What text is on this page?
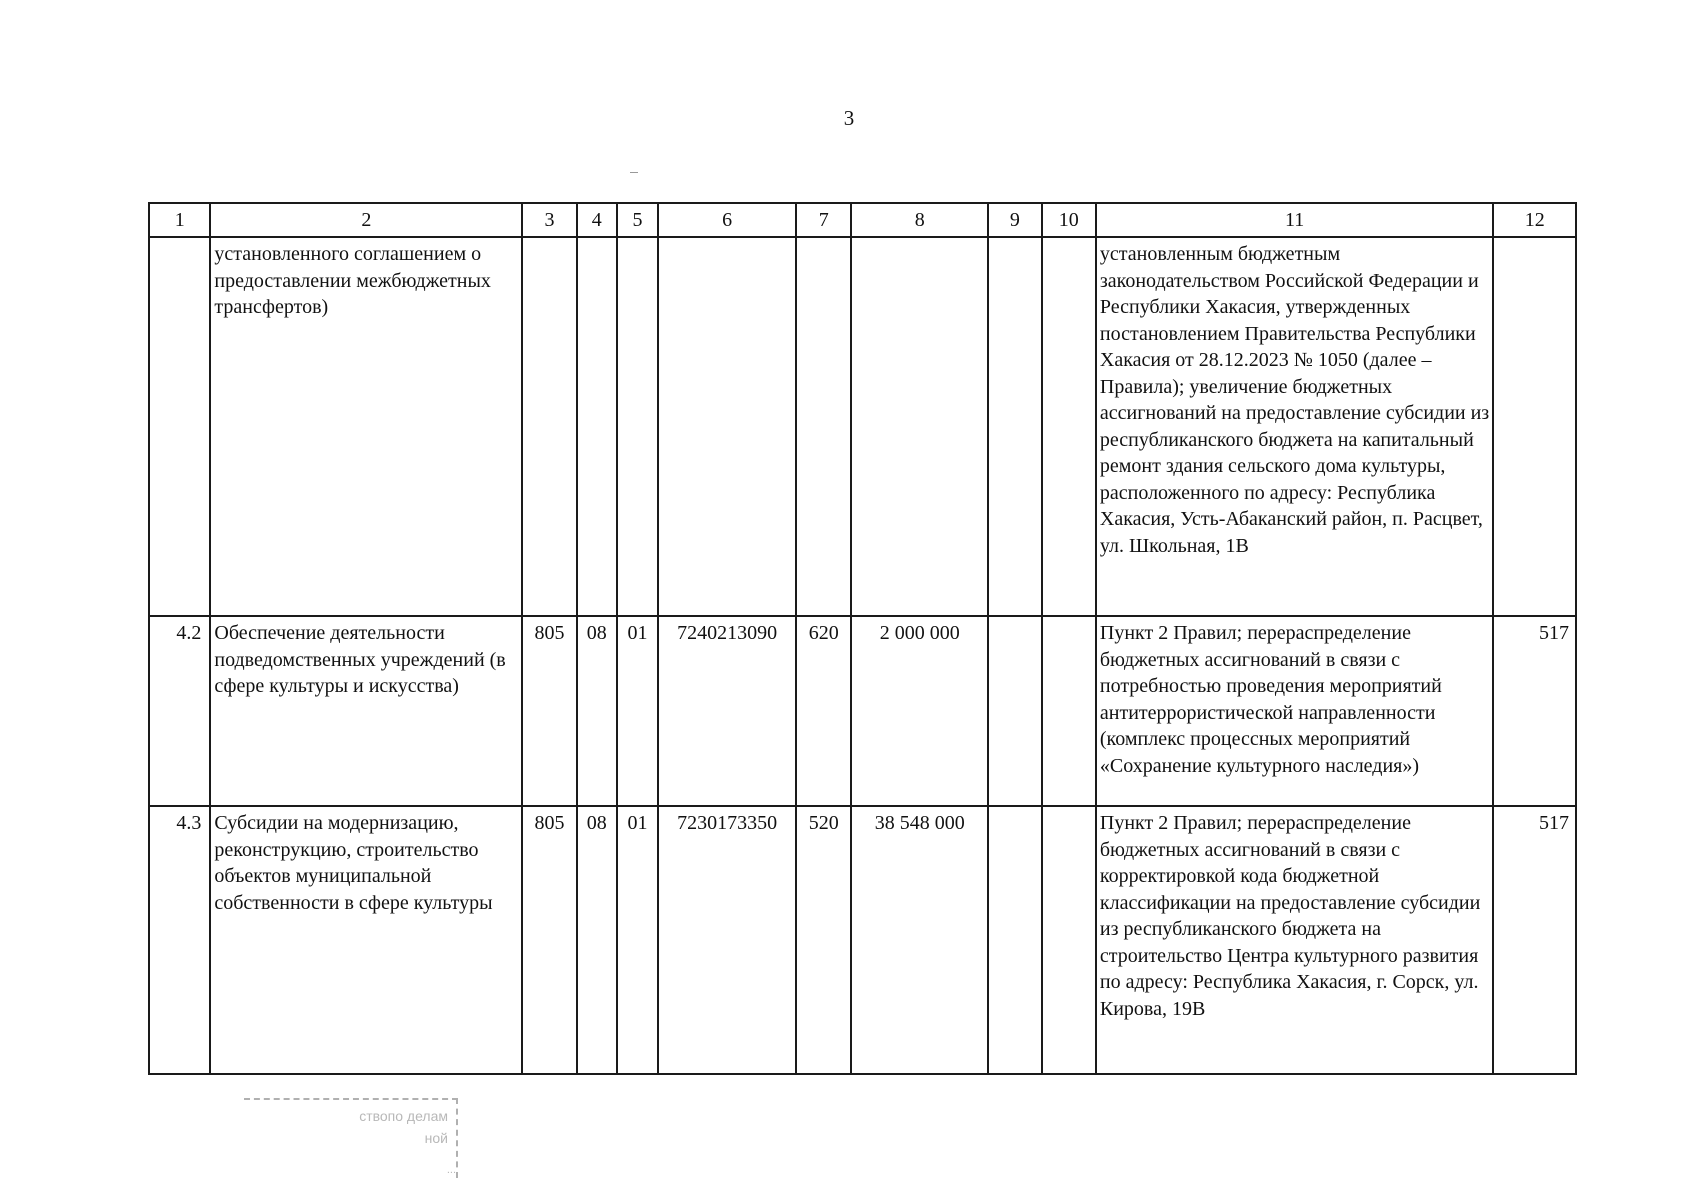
3
1	2	3	4	5	6	7	8	9	10	11	12
	установленного соглашением о предоставлении межбюджетных трансфертов)									установленным бюджетным законодательством Российской Федерации и Республики Хакасия, утвержденных постановлением Правительства Республики Хакасия от 28.12.2023 № 1050 (далее – Правила); увеличение бюджетных ассигнований на предоставление субсидии из республиканского бюджета на капитальный ремонт здания сельского дома культуры, расположенного по адресу: Республика Хакасия, Усть-Абаканский район, п. Расцвет, ул. Школьная, 1В	
4.2	Обеспечение деятельности подведомственных учреждений (в сфере культуры и искусства)	805	08	01	7240213090	620	2 000 000			Пункт 2 Правил; перераспределение бюджетных ассигнований в связи с потребностью проведения мероприятий антитеррористической направленности (комплекс процессных мероприятий «Сохранение культурного наследия»)	517
4.3	Субсидии на модернизацию, реконструкцию, строительство объектов муниципальной собственности в сфере культуры	805	08	01	7230173350	520	38 548 000			Пункт 2 Правил; перераспределение бюджетных ассигнований в связи с корректировкой кода бюджетной классификации на предоставление субсидии из республиканского бюджета на строительство Центра культурного развития по адресу: Республика Хакасия, г. Сорск, ул. Кирова, 19В	517
ствопо делам
ной
...
